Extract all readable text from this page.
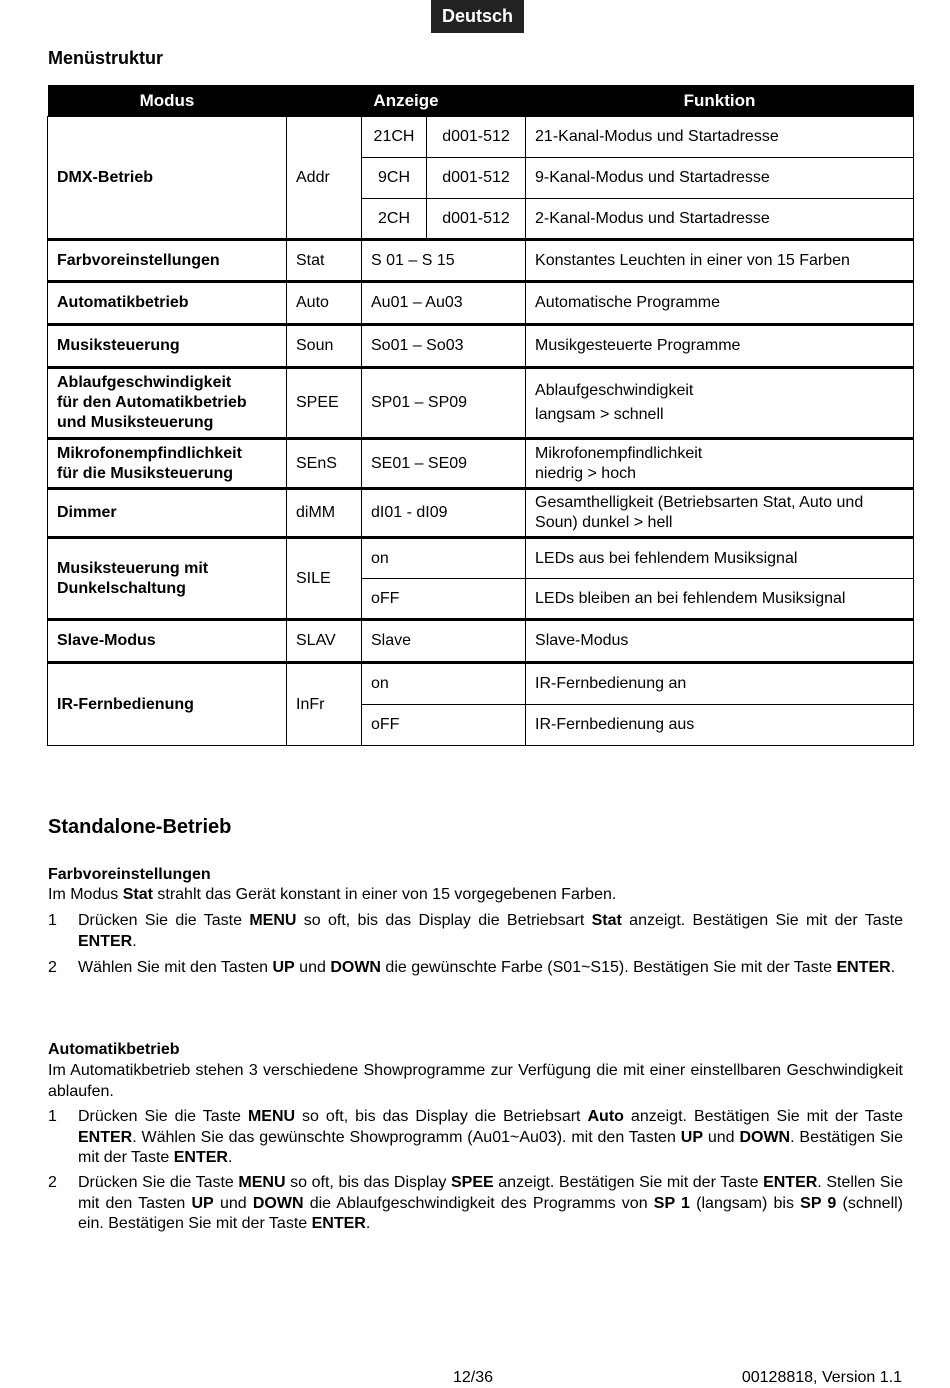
Deutsch
Menüstruktur
Modus	Anzeige			Funktion
DMX-Betrieb	Addr	21CH	d001-512	21-Kanal-Modus und Startadresse
		9CH	d001-512	9-Kanal-Modus und Startadresse
		2CH	d001-512	2-Kanal-Modus und Startadresse
Farbvoreinstellungen	Stat	S 01 – S 15		Konstantes Leuchten in einer von 15 Farben
Automatikbetrieb	Auto	Au01 – Au03		Automatische Programme
Musiksteuerung	Soun	So01 – So03		Musikgesteuerte Programme
Ablaufgeschwindigkeit
für den Automatikbetrieb
und Musiksteuerung	SPEE	SP01 – SP09		Ablaufgeschwindigkeit
langsam > schnell
Mikrofonempfindlichkeit
für die Musiksteuerung	SEnS	SE01 – SE09		Mikrofonempfindlichkeit
niedrig > hoch
Dimmer	diMM	dI01 - dI09		Gesamthelligkeit (Betriebsarten Stat, Auto und
Soun) dunkel > hell
Musiksteuerung mit
Dunkelschaltung	SILE	on		LEDs aus bei fehlendem Musiksignal
		oFF		LEDs bleiben an bei fehlendem Musiksignal
Slave-Modus	SLAV	Slave		Slave-Modus
IR-Fernbedienung	InFr	on		IR-Fernbedienung an
		oFF		IR-Fernbedienung aus
Standalone-Betrieb
Farbvoreinstellungen
Im Modus Stat strahlt das Gerät konstant in einer von 15 vorgegebenen Farben.
1 Drücken Sie die Taste MENU so oft, bis das Display die Betriebsart Stat anzeigt. Bestätigen Sie mit der Taste ENTER.
2 Wählen Sie mit den Tasten UP und DOWN die gewünschte Farbe (S01~S15). Bestätigen Sie mit der Taste ENTER.
Automatikbetrieb
Im Automatikbetrieb stehen 3 verschiedene Showprogramme zur Verfügung die mit einer einstellbaren Geschwindigkeit ablaufen.
1 Drücken Sie die Taste MENU so oft, bis das Display die Betriebsart Auto anzeigt. Bestätigen Sie mit der Taste ENTER. Wählen Sie das gewünschte Showprogramm (Au01~Au03). mit den Tasten UP und DOWN. Bestätigen Sie mit der Taste ENTER.
2 Drücken Sie die Taste MENU so oft, bis das Display SPEE anzeigt. Bestätigen Sie mit der Taste ENTER. Stellen Sie mit den Tasten UP und DOWN die Ablaufgeschwindigkeit des Programms von SP 1 (langsam) bis SP 9 (schnell) ein. Bestätigen Sie mit der Taste ENTER.
12/36	00128818, Version 1.1
